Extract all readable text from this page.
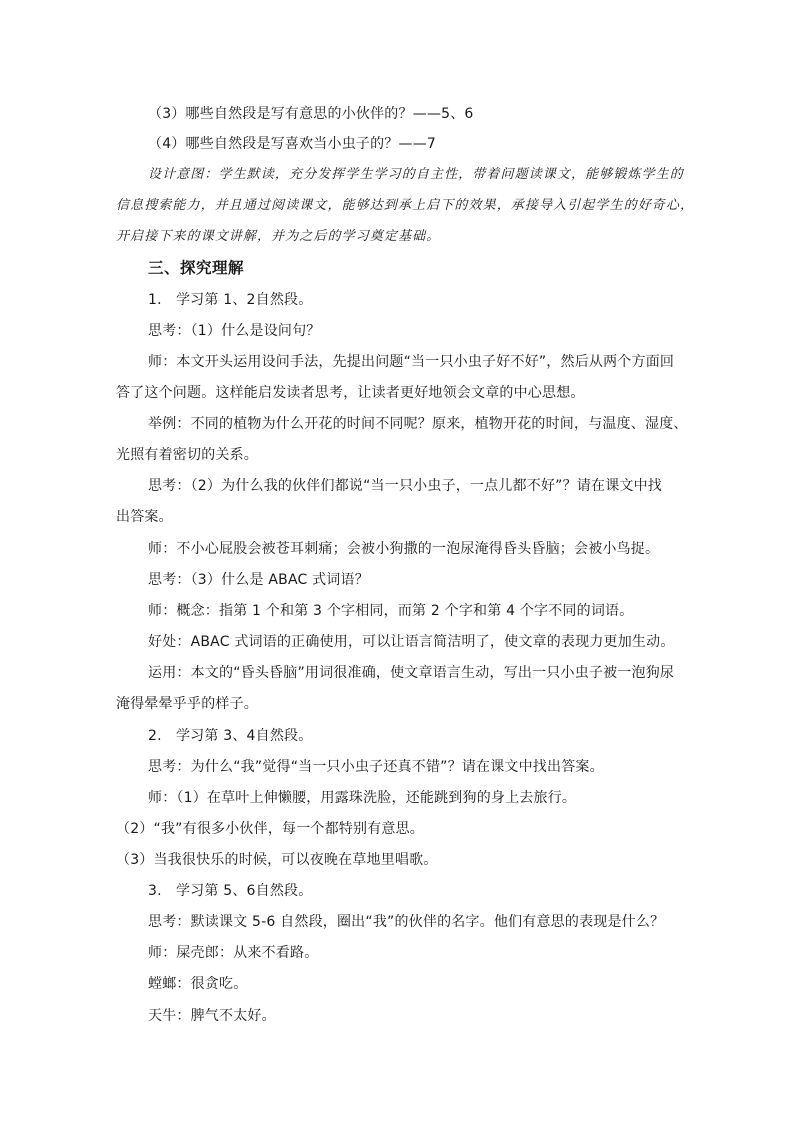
（3）哪些自然段是写有意思的小伙伴的？——5、6
（4）哪些自然段是写喜欢当小虫子的？——7
设计意图：学生默读，充分发挥学生学习的自主性，带着问题读课文，能够锻炼学生的
信息搜索能力，并且通过阅读课文，能够达到承上启下的效果，承接导入引起学生的好奇心，
开启接下来的课文讲解，并为之后的学习奠定基础。
三、探究理解
1.　学习第 1、2自然段。
思考：（1）什么是设问句？
师：本文开头运用设问手法，先提出问题“当一只小虫子好不好”，然后从两个方面回
答了这个问题。这样能启发读者思考，让读者更好地领会文章的中心思想。
举例：不同的植物为什么开花的时间不同呢？原来，植物开花的时间，与温度、湿度、
光照有着密切的关系。
思考：（2）为什么我的伙伴们都说“当一只小虫子，一点儿都不好”？请在课文中找
出答案。
师：不小心屁股会被苍耳刺痛；会被小狗撒的一泡尿淹得昏头昏脑；会被小鸟捉。
思考：（3）什么是 ABAC 式词语？
师：概念：指第 1 个和第 3 个字相同，而第 2 个字和第 4 个字不同的词语。
好处：ABAC 式词语的正确使用，可以让语言简洁明了，使文章的表现力更加生动。
运用：本文的“昏头昏脑”用词很准确，使文章语言生动，写出一只小虫子被一泡狗尿
淹得晕晕乎乎的样子。
2.　学习第 3、4自然段。
思考：为什么“我”觉得“当一只小虫子还真不错”？请在课文中找出答案。
师：（1）在草叶上伸懒腰，用露珠洗脸，还能跳到狗的身上去旅行。
（2）“我”有很多小伙伴，每一个都特别有意思。
（3）当我很快乐的时候，可以夜晚在草地里唱歌。
3.　学习第 5、6自然段。
思考：默读课文 5-6 自然段，圈出“我”的伙伴的名字。他们有意思的表现是什么？
师：屎壳郎：从来不看路。
螳螂：很贪吃。
天牛：脾气不太好。
